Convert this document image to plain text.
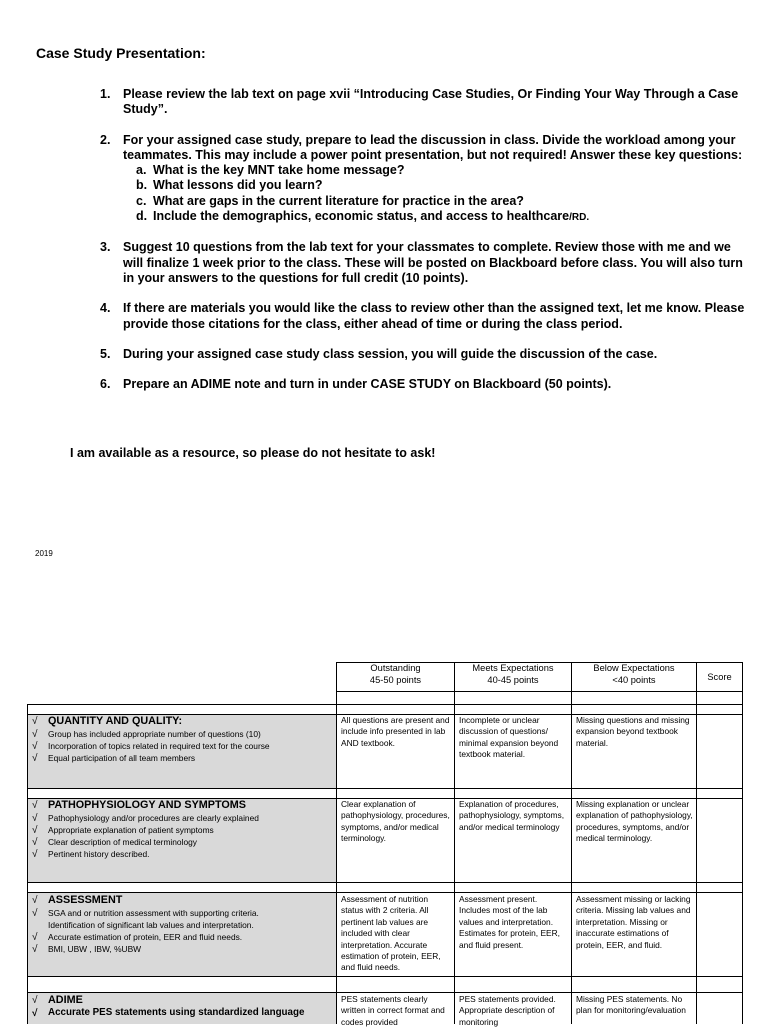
Case Study Presentation:
1. Please review the lab text on page xvii “Introducing Case Studies, Or Finding Your Way Through a Case Study”.
2. For your assigned case study, prepare to lead the discussion in class. Divide the workload among your teammates. This may include a power point presentation, but not required! Answer these key questions:
a. What is the key MNT take home message?
b. What lessons did you learn?
c. What are gaps in the current literature for practice in the area?
d. Include the demographics, economic status, and access to healthcare/RD.
3. Suggest 10 questions from the lab text for your classmates to complete. Review those with me and we will finalize 1 week prior to the class. These will be posted on Blackboard before class. You will also turn in your answers to the questions for full credit (10 points).
4. If there are materials you would like the class to review other than the assigned text, let me know. Please provide those citations for the class, either ahead of time or during the class period.
5. During your assigned case study class session, you will guide the discussion of the case.
6. Prepare an ADIME note and turn in under CASE STUDY on Blackboard (50 points).
I am available as a resource, so please do not hesitate to ask!
2019
Outstanding
45-50 points
Meets Expectations
40-45 points
Below Expectations
<40 points	Score
√ QUANTITY AND QUALITY:
√ Group has included appropriate number of questions (10)
√ Incorporation of topics related in required text for the course
√ Equal participation of all team members
All questions are present and include info presented in lab AND textbook.
Incomplete or unclear discussion of questions/ minimal expansion beyond textbook material.
Missing questions and missing expansion beyond textbook material.
√ PATHOPHYSIOLOGY AND SYMPTOMS
√ Pathophysiology and/or procedures are clearly explained
√ Appropriate explanation of patient symptoms
√ Clear description of medical terminology
√ Pertinent history described.
Clear explanation of pathophysiology, procedures, symptoms, and/or medical terminology.
Explanation of procedures, pathophysiology, symptoms, and/or medical terminology
Missing explanation or unclear explanation of pathophysiology, procedures, symptoms, and/or medical terminology.
√ ASSESSMENT
√ SGA and or nutrition assessment with supporting criteria.
Identification of significant lab values and interpretation.
√ Accurate estimation of protein, EER and fluid needs.
√ BMI, UBW , IBW, %UBW
Assessment of nutrition status with 2 criteria. All pertinent lab values are included with clear interpretation. Accurate estimation of protein, EER, and fluid needs.
Assessment present. Includes most of the lab values and interpretation. Estimates for protein, EER, and fluid present.
Assessment missing or lacking criteria. Missing lab values and interpretation. Missing or inaccurate estimations of protein, EER, and fluid.
√ ADIME
√ Accurate PES statements using standardized language
PES statements clearly written in correct format and codes provided
PES statements provided. Appropriate description of monitoring
Missing PES statements. No plan for monitoring/evaluation
